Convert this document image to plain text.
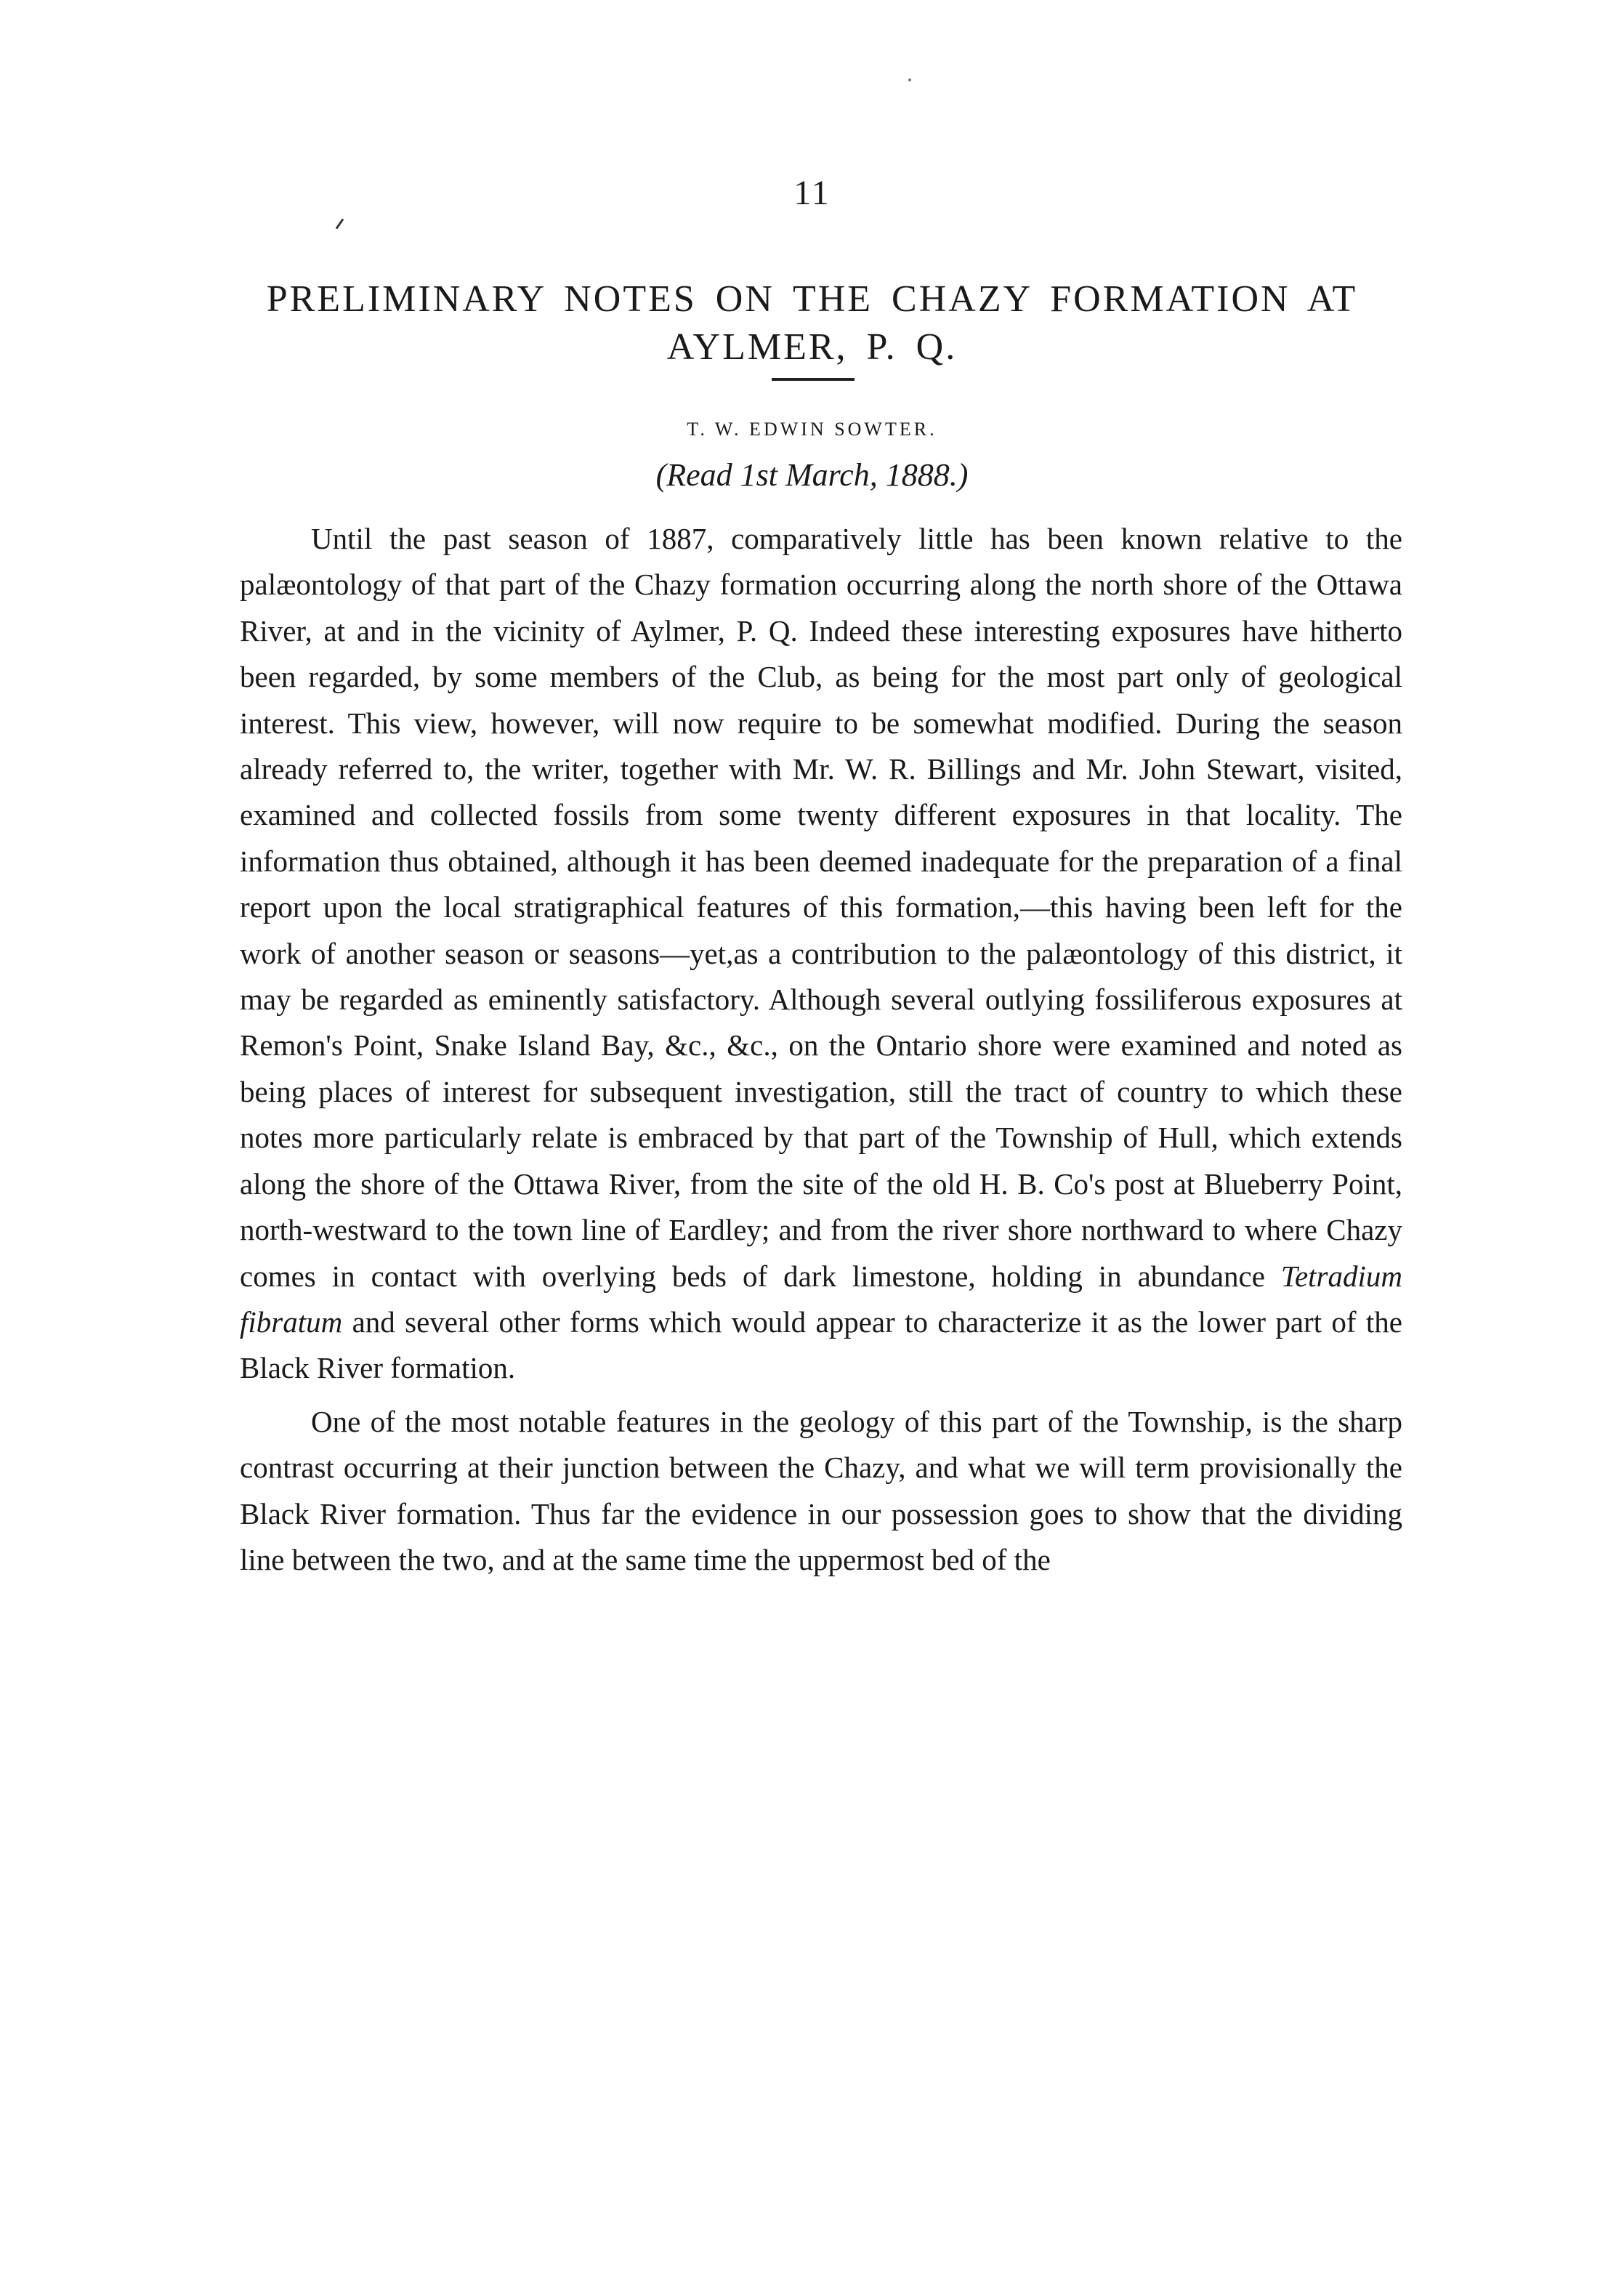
11
PRELIMINARY NOTES ON THE CHAZY FORMATION AT AYLMER, P. Q.
T. W. EDWIN SOWTER.
(Read 1st March, 1888.)

Until the past season of 1887, comparatively little has been known relative to the palæontology of that part of the Chazy formation occurring along the north shore of the Ottawa River, at and in the vicinity of Aylmer, P. Q. Indeed these interesting exposures have hitherto been regarded, by some members of the Club, as being for the most part only of geological interest. This view, however, will now require to be somewhat modified. During the season already referred to, the writer, together with Mr. W. R. Billings and Mr. John Stewart, visited, examined and collected fossils from some twenty different exposures in that locality. The information thus obtained, although it has been deemed inadequate for the preparation of a final report upon the local stratigraphical features of this formation,—this having been left for the work of another season or seasons—yet,as a contribution to the palæontology of this district, it may be regarded as eminently satisfactory. Although several outlying fossiliferous exposures at Remon's Point, Snake Island Bay, &c., &c., on the Ontario shore were examined and noted as being places of interest for subsequent investigation, still the tract of country to which these notes more particularly relate is embraced by that part of the Township of Hull, which extends along the shore of the Ottawa River, from the site of the old H. B. Co's post at Blueberry Point, north-westward to the town line of Eardley; and from the river shore northward to where Chazy comes in contact with overlying beds of dark limestone, holding in abundance Tetradium fibratum and several other forms which would appear to characterize it as the lower part of the Black River formation.

One of the most notable features in the geology of this part of the Township, is the sharp contrast occurring at their junction between the Chazy, and what we will term provisionally the Black River formation. Thus far the evidence in our possession goes to show that the dividing line between the two, and at the same time the uppermost bed of the
